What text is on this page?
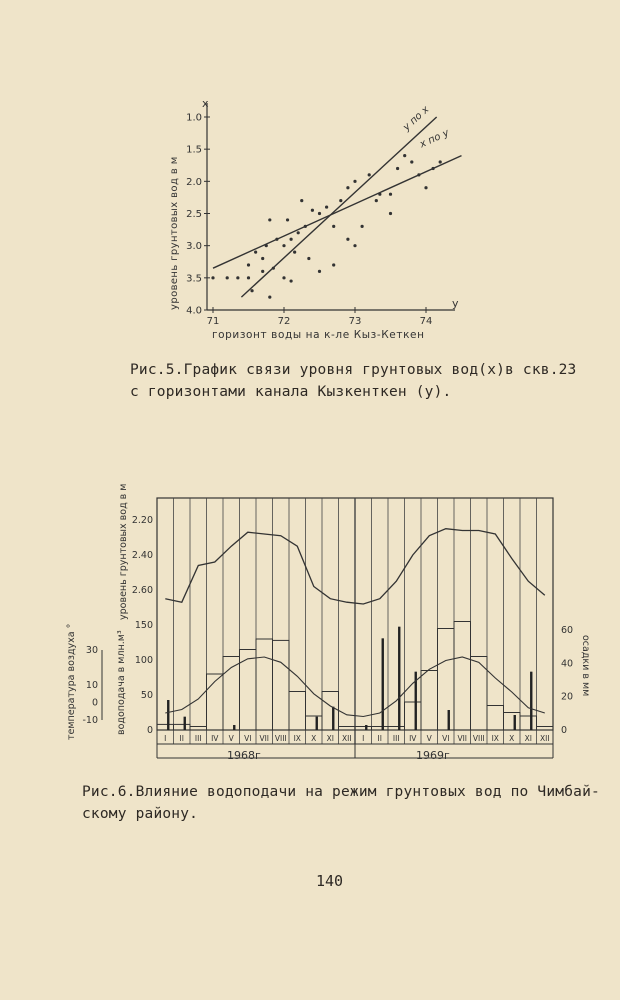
1.0
1.5
2.0
2.5
3.0
3.5
4.0
71	72	73	74
у по х
х по у
х
у
горизонт воды на к-ле Кыз-Кеткен
уровень грунтовых вод в м
Рис.5.График связи уровня грунтовых вод(х)в скв.23
с горизонтами канала Кызкенткен (у).
I II III IV V VI VII VIII IX X XI XII I II III IV V VI VII VIII IX X XI XII
2.20
2.40
2.60
150
100
50
0
30
10
0
-10
60
40
20
0
уровень грунтовых вод в м
водоподача в млн.м³
температура воздуха °	осадки в мм
1968г	1969г
Рис.6.Влияние водоподачи на режим грунтовых вод по Чимбай-
скому району.
140
